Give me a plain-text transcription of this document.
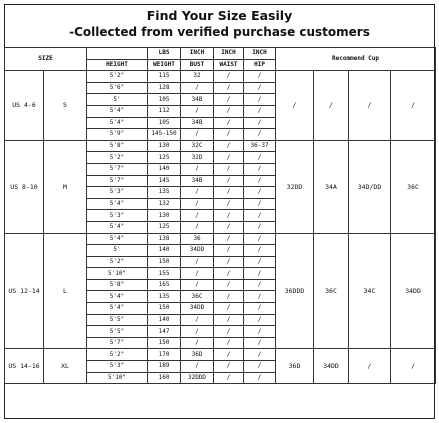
Find Your Size Easily
-Collected from verified purchase customers
SIZE			LBS	INCH	INCH	INCH	Recommend Cup			
		HEIGHT	WEIGHT	BUST	WAIST	HIP				
US 4-6	S	5'2"	115	32	/	/	/	/	/	/
		5'6"	128	/	/	/				
		5'	105	34B	/	/				
		5'4"	112	/	/	/				
		5'4"	105	34B	/	/				
		5'9"	145-150	/	/	/				
US 8-10	M	5'8"	130	32C	/	36-37	32DD	34A	34D/DD	36C
		5'2"	125	32D	/	/				
		5'7"	140	/	/	/				
		5'7"	145	34B	/	/				
		5'3"	135	/	/	/				
		5'4"	132	/	/	/				
		5'3"	130	/	/	/				
		5'4"	125	/	/	/				
US 12-14	L	5'4"	138	36	/	/	36DDD	36C	34C	34DD
		5'	140	34DD	/	/				
		5'2"	150	/	/	/				
		5'10"	155	/	/	/				
		5'8"	165	/	/	/				
		5'4"	135	36C	/	/				
		5'4"	150	34DD	/	/				
		5'5"	140	/	/	/				
		5'5"	147	/	/	/				
		5'7"	150	/	/	/				
US 14-16	XL	5'2"	170	36D	/	/	36D	34DD	/	/
		5'3"	189	/	/	/				
		5'10"	160	32DDD	/	/				
